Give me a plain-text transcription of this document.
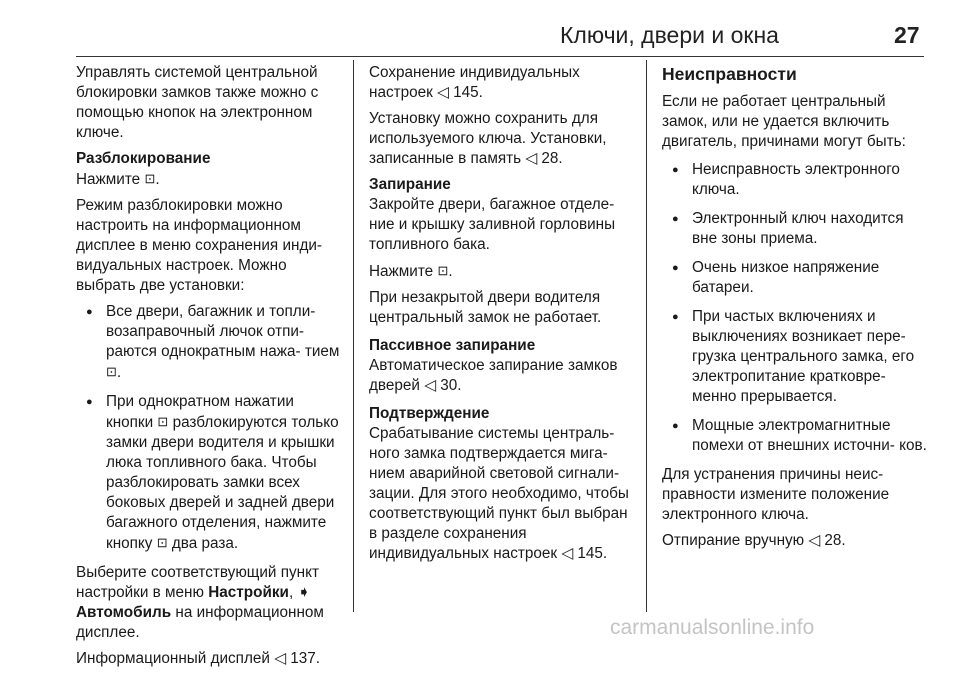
Ключи, двери и окна	27

Управлять системой центральной блокировки замков также можно с помощью кнопок на электронном ключе.

Разблокирование

Нажмите ⊡.

Режим разблокировки можно настроить на информационном дисплее в меню сохранения инди- видуальных настроек. Можно выбрать две установки:

● Все двери, багажник и топли- возаправочный лючок отпи- раются однократным нажа- тием ⊡.
● При однократном нажатии кнопки ⊡ разблокируются только замки двери водителя и крышки люка топливного бака. Чтобы разблокировать замки всех боковых дверей и задней двери багажного отделения, нажмите кнопку ⊡ два раза.

Выберите соответствующий пункт настройки в меню Настройки, ➧ Автомобиль на информационном дисплее.

Информационный дисплей ◁ 137.

Сохранение индивидуальных настроек ◁ 145.

Установку можно сохранить для используемого ключа. Установки, записанные в память ◁ 28.

Запирание

Закройте двери, багажное отделе- ние и крышку заливной горловины топливного бака.

Нажмите ⊡.

При незакрытой двери водителя центральный замок не работает.

Пассивное запирание

Автоматическое запирание замков дверей ◁ 30.

Подтверждение

Срабатывание системы централь- ного замка подтверждается мига- нием аварийной световой сигнали- зации. Для этого необходимо, чтобы соответствующий пункт был выбран в разделе сохранения индивидуальных настроек ◁ 145.

Неисправности

Если не работает центральный замок, или не удается включить двигатель, причинами могут быть:

● Неисправность электронного ключа.
● Электронный ключ находится вне зоны приема.
● Очень низкое напряжение батареи.
● При частых включениях и выключениях возникает пере- грузка центрального замка, его электропитание кратковре- менно прерывается.
● Мощные электромагнитные помехи от внешних источни- ков.

Для устранения причины неис- правности измените положение электронного ключа.

Отпирание вручную ◁ 28.

carmanualsonline.info
